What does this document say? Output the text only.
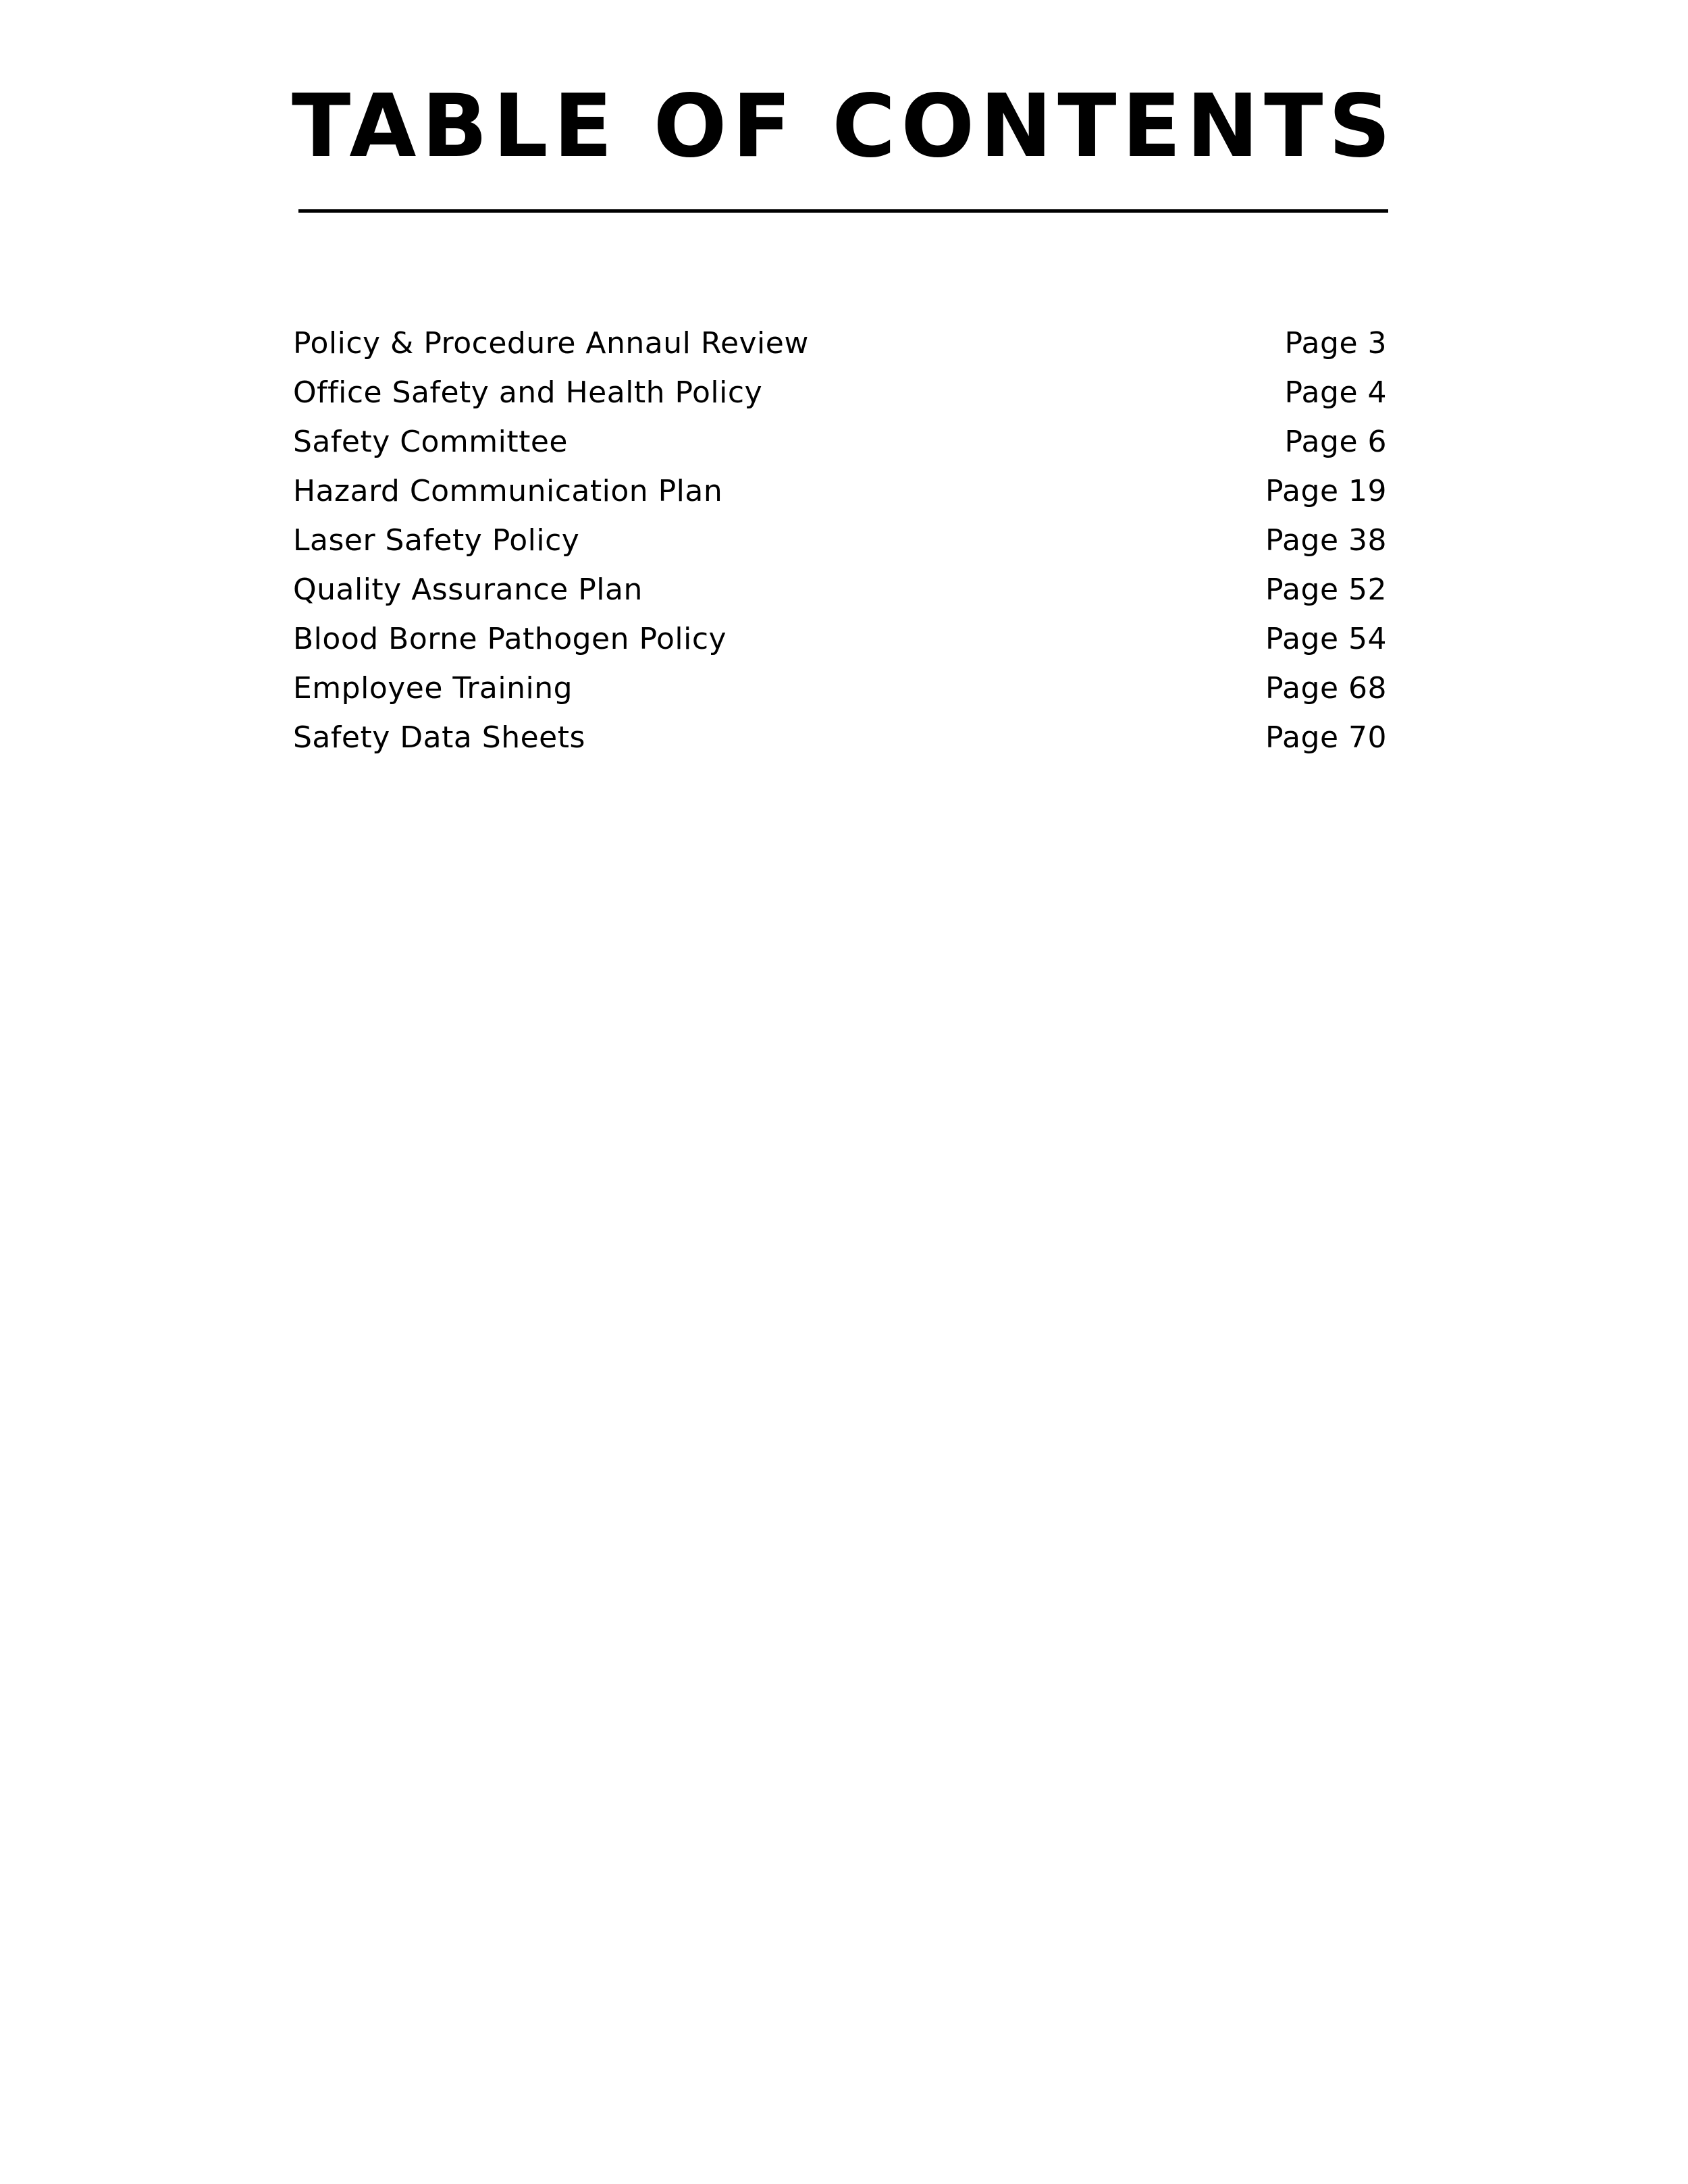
TABLE OF CONTENTS
Policy & Procedure Annaul Review	Page 3
Office Safety and Health Policy	Page 4
Safety Committee	Page 6
Hazard Communication Plan	Page 19
Laser Safety Policy	Page 38
Quality Assurance Plan	Page 52
Blood Borne Pathogen Policy	Page 54
Employee Training	Page 68
Safety Data Sheets	Page 70
